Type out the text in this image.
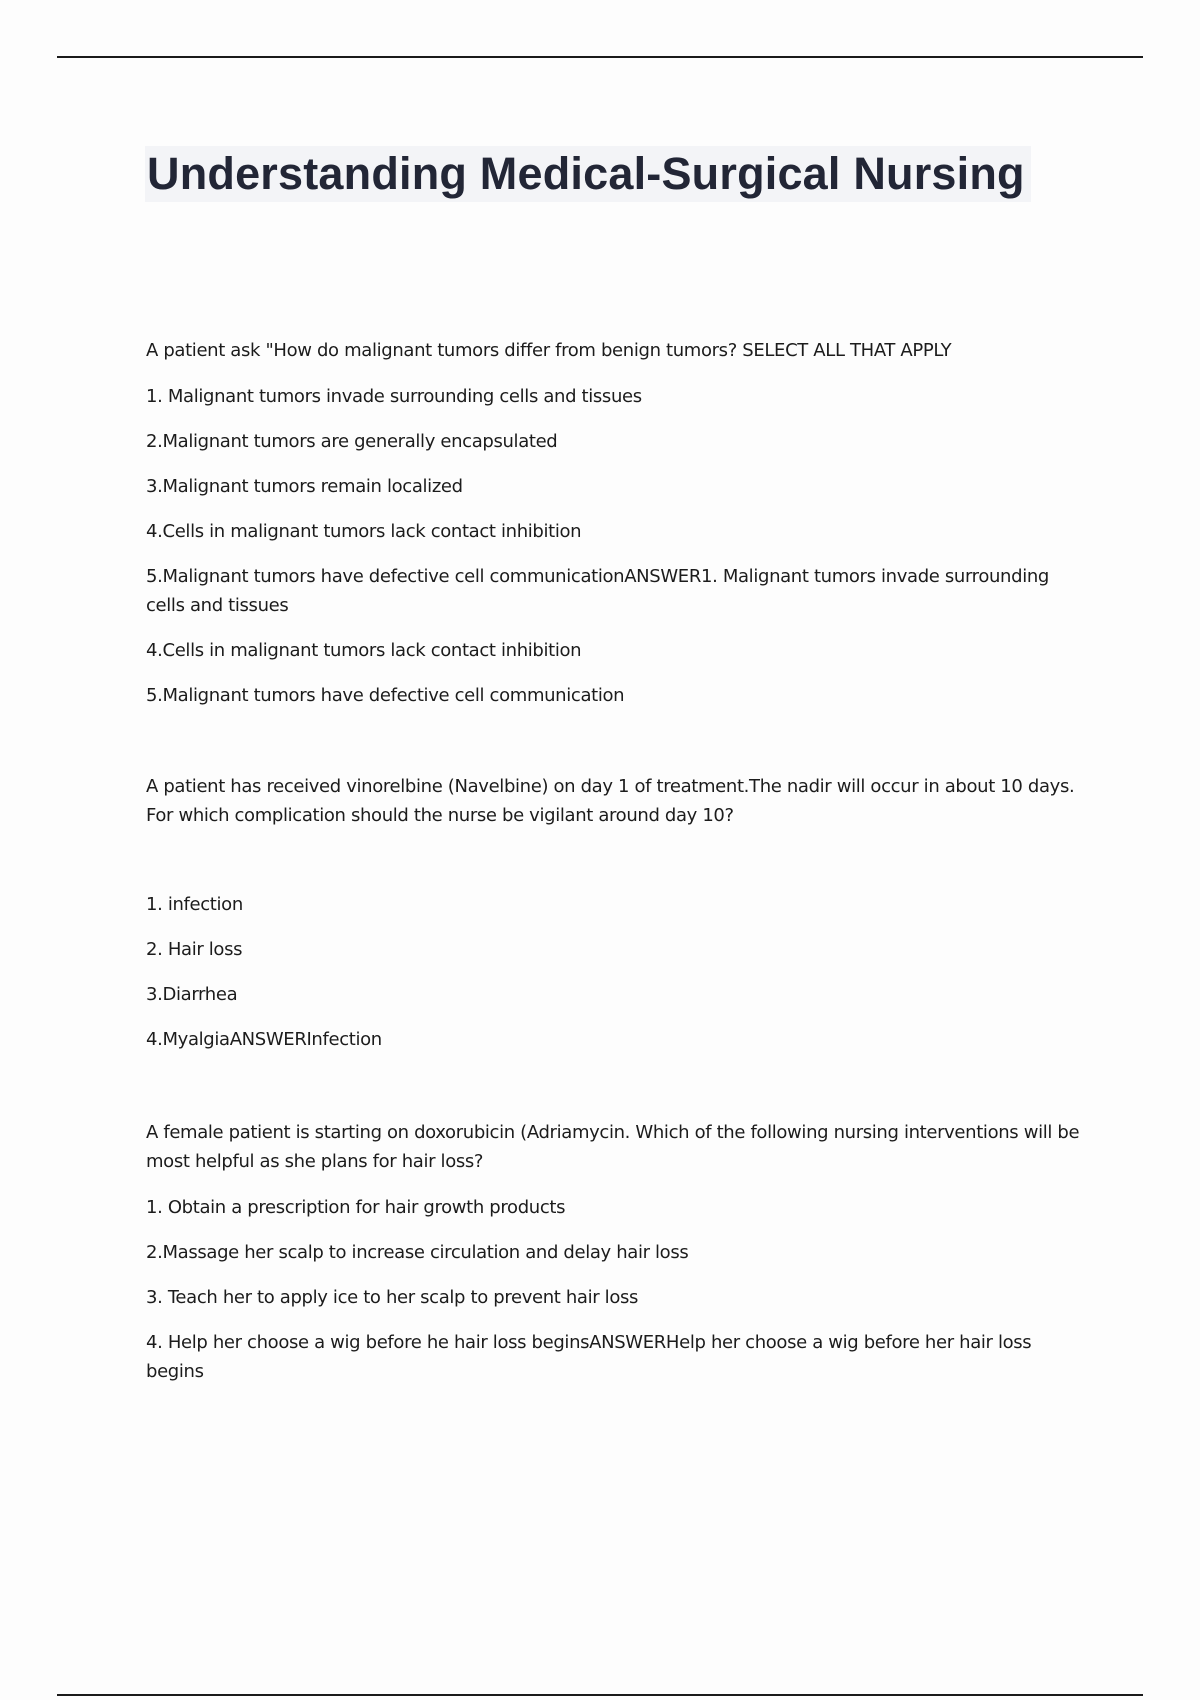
Understanding Medical-Surgical Nursing

A patient ask "How do malignant tumors differ from benign tumors? SELECT ALL THAT APPLY

1. Malignant tumors invade surrounding cells and tissues

2.Malignant tumors are generally encapsulated

3.Malignant tumors remain localized

4.Cells in malignant tumors lack contact inhibition

5.Malignant tumors have defective cell communicationANSWER1. Malignant tumors invade surrounding cells and tissues

4.Cells in malignant tumors lack contact inhibition

5.Malignant tumors have defective cell communication

A patient has received vinorelbine (Navelbine) on day 1 of treatment.The nadir will occur in about 10 days. For which complication should the nurse be vigilant around day 10?

1. infection

2. Hair loss

3.Diarrhea

4.MyalgiaANSWERInfection

A female patient is starting on doxorubicin (Adriamycin. Which of the following nursing interventions will be most helpful as she plans for hair loss?

1. Obtain a prescription for hair growth products

2.Massage her scalp to increase circulation and delay hair loss

3. Teach her to apply ice to her scalp to prevent hair loss

4. Help her choose a wig before he hair loss beginsANSWERHelp her choose a wig before her hair loss begins
